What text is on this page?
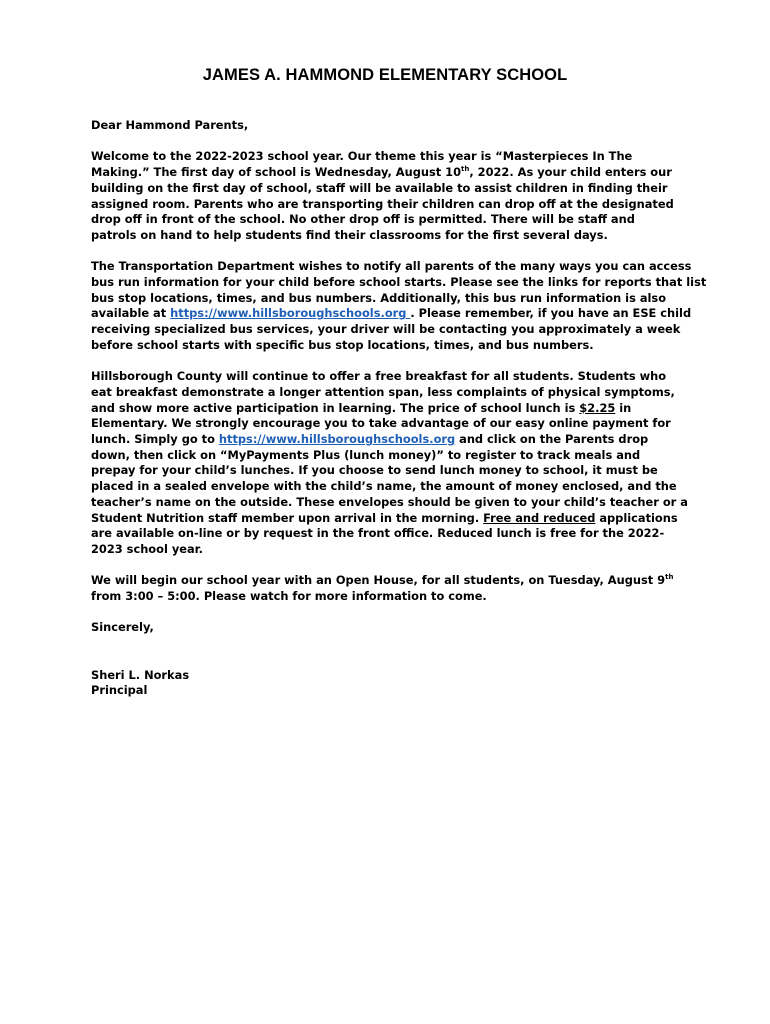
JAMES A. HAMMOND ELEMENTARY SCHOOL

Dear Hammond Parents,

Welcome to the 2022-2023 school year. Our theme this year is “Masterpieces In The
Making.” The first day of school is Wednesday, August 10th, 2022. As your child enters our
building on the first day of school, staff will be available to assist children in finding their
assigned room. Parents who are transporting their children can drop off at the designated
drop off in front of the school. No other drop off is permitted. There will be staff and
patrols on hand to help students find their classrooms for the first several days.

The Transportation Department wishes to notify all parents of the many ways you can access
bus run information for your child before school starts. Please see the links for reports that list
bus stop locations, times, and bus numbers. Additionally, this bus run information is also
available at https://www.hillsboroughschools.org . Please remember, if you have an ESE child
receiving specialized bus services, your driver will be contacting you approximately a week
before school starts with specific bus stop locations, times, and bus numbers.

Hillsborough County will continue to offer a free breakfast for all students. Students who
eat breakfast demonstrate a longer attention span, less complaints of physical symptoms,
and show more active participation in learning. The price of school lunch is $2.25 in
Elementary. We strongly encourage you to take advantage of our easy online payment for
lunch. Simply go to https://www.hillsboroughschools.org and click on the Parents drop
down, then click on “MyPayments Plus (lunch money)” to register to track meals and
prepay for your child’s lunches. If you choose to send lunch money to school, it must be
placed in a sealed envelope with the child’s name, the amount of money enclosed, and the
teacher’s name on the outside. These envelopes should be given to your child’s teacher or a
Student Nutrition staff member upon arrival in the morning. Free and reduced applications
are available on-line or by request in the front office. Reduced lunch is free for the 2022-
2023 school year.

We will begin our school year with an Open House, for all students, on Tuesday, August 9th
from 3:00 – 5:00. Please watch for more information to come.

Sincerely,

Sheri L. Norkas
Principal
